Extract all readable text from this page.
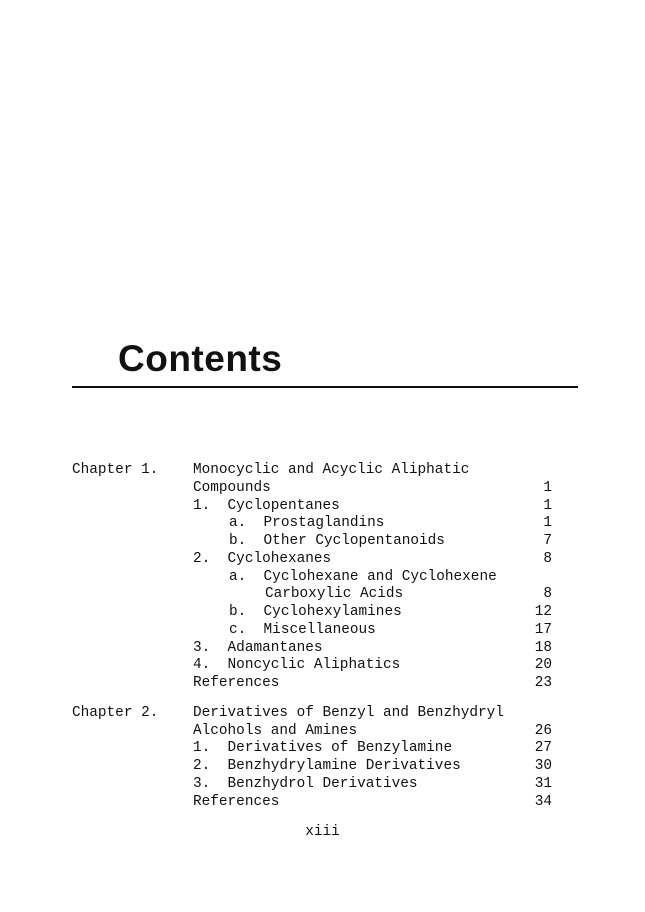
Contents
Chapter 1. Monocyclic and Acyclic Aliphatic
Compounds	1
1.  Cyclopentanes	1
a.  Prostaglandins	1
b.  Other Cyclopentanoids	7
2.  Cyclohexanes	8
a.  Cyclohexane and Cyclohexene
Carboxylic Acids	8
b.  Cyclohexylamines	12
c.  Miscellaneous	17
3.  Adamantanes	18
4.  Noncyclic Aliphatics	20
References	23
Chapter 2. Derivatives of Benzyl and Benzhydryl
Alcohols and Amines	26
1.  Derivatives of Benzylamine	27
2.  Benzhydrylamine Derivatives	30
3.  Benzhydrol Derivatives	31
References	34
xiii
